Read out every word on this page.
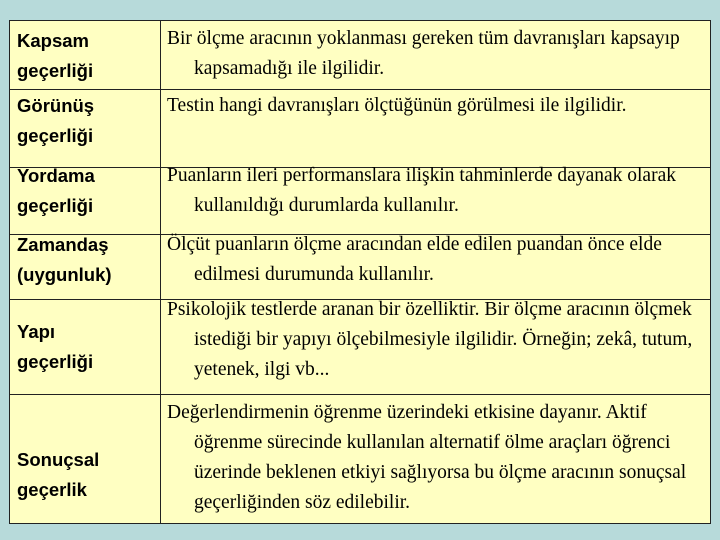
Kapsam
geçerliği
Bir ölçme aracının yoklanması gereken tüm davranışları kapsayıp kapsamadığı ile ilgilidir.
Görünüş
geçerliği
Testin hangi davranışları ölçtüğünün görülmesi ile ilgilidir.
Yordama
geçerliği
Puanların ileri performanslara ilişkin tahminlerde dayanak olarak kullanıldığı durumlarda kullanılır.
Zamandaş
(uygunluk)
Ölçüt puanların ölçme aracından elde edilen puandan önce elde edilmesi durumunda kullanılır.
Yapı
geçerliği
Psikolojik testlerde aranan bir özelliktir. Bir ölçme aracının ölçmek istediği bir yapıyı ölçebilmesiyle ilgilidir. Örneğin; zekâ, tutum, yetenek, ilgi vb...
Sonuçsal
geçerlik
Değerlendirmenin öğrenme üzerindeki etkisine dayanır. Aktif öğrenme sürecinde kullanılan alternatif ölme araçları öğrenci üzerinde beklenen etkiyi sağlıyorsa bu ölçme aracının sonuçsal geçerliğinden söz edilebilir.
